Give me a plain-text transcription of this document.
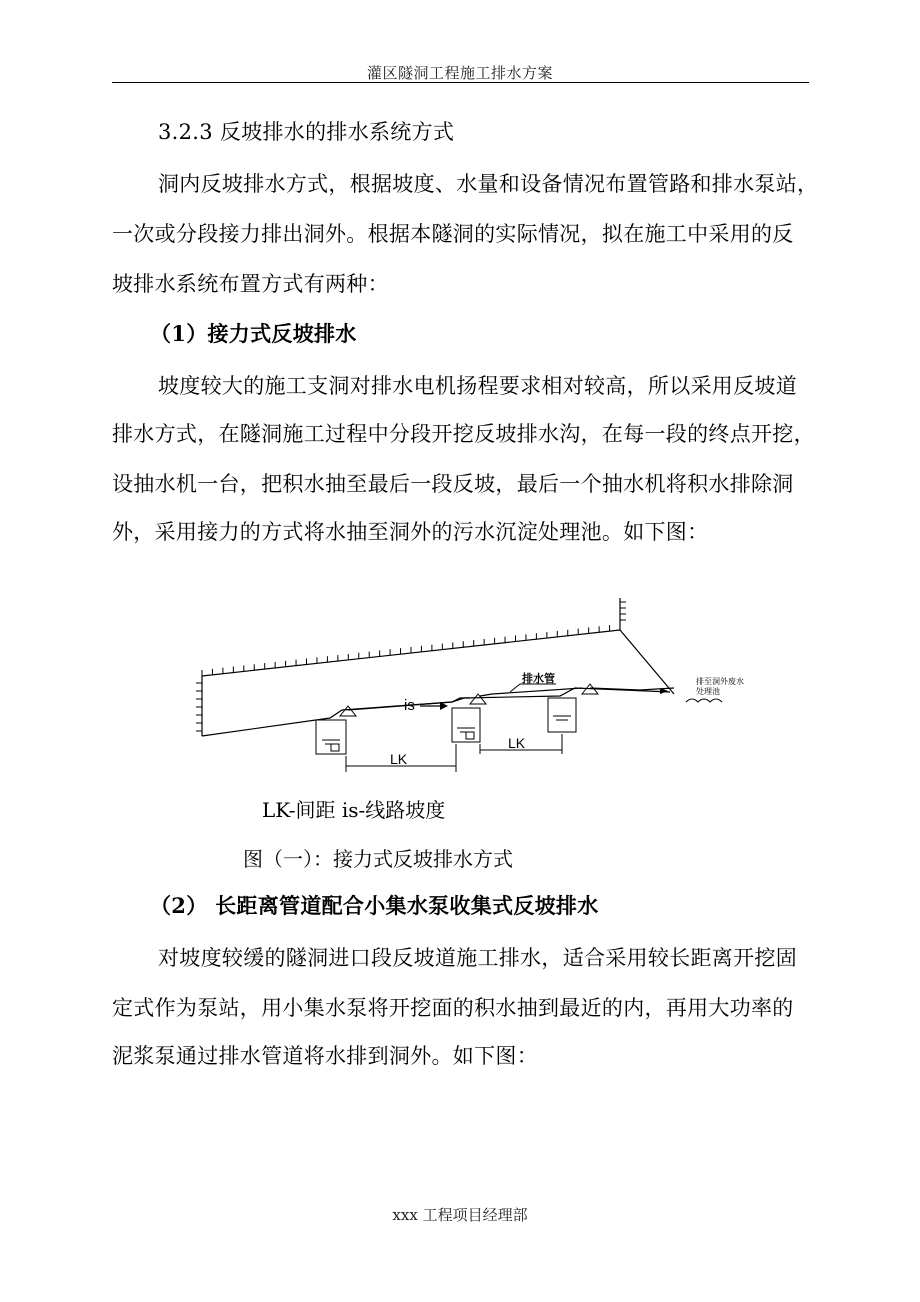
灌区隧洞工程施工排水方案
3.2.3 反坡排水的排水系统方式
洞内反坡排水方式，根据坡度、水量和设备情况布置管路和排水泵站，
一次或分段接力排出洞外。根据本隧洞的实际情况，拟在施工中采用的反
坡排水系统布置方式有两种：
（1）接力式反坡排水
坡度较大的施工支洞对排水电机扬程要求相对较高，所以采用反坡道
排水方式，在隧洞施工过程中分段开挖反坡排水沟，在每一段的终点开挖，
设抽水机一台，把积水抽至最后一段反坡，最后一个抽水机将积水排除洞
外，采用接力的方式将水抽至洞外的污水沉淀处理池。如下图：
排水管
is
排至洞外废水
处理池
LK
LK
LK-间距 is-线路坡度
图（一）：接力式反坡排水方式
（2） 长距离管道配合小集水泵收集式反坡排水
对坡度较缓的隧洞进口段反坡道施工排水，适合采用较长距离开挖固
定式作为泵站，用小集水泵将开挖面的积水抽到最近的内，再用大功率的
泥浆泵通过排水管道将水排到洞外。如下图：
xxx 工程项目经理部
